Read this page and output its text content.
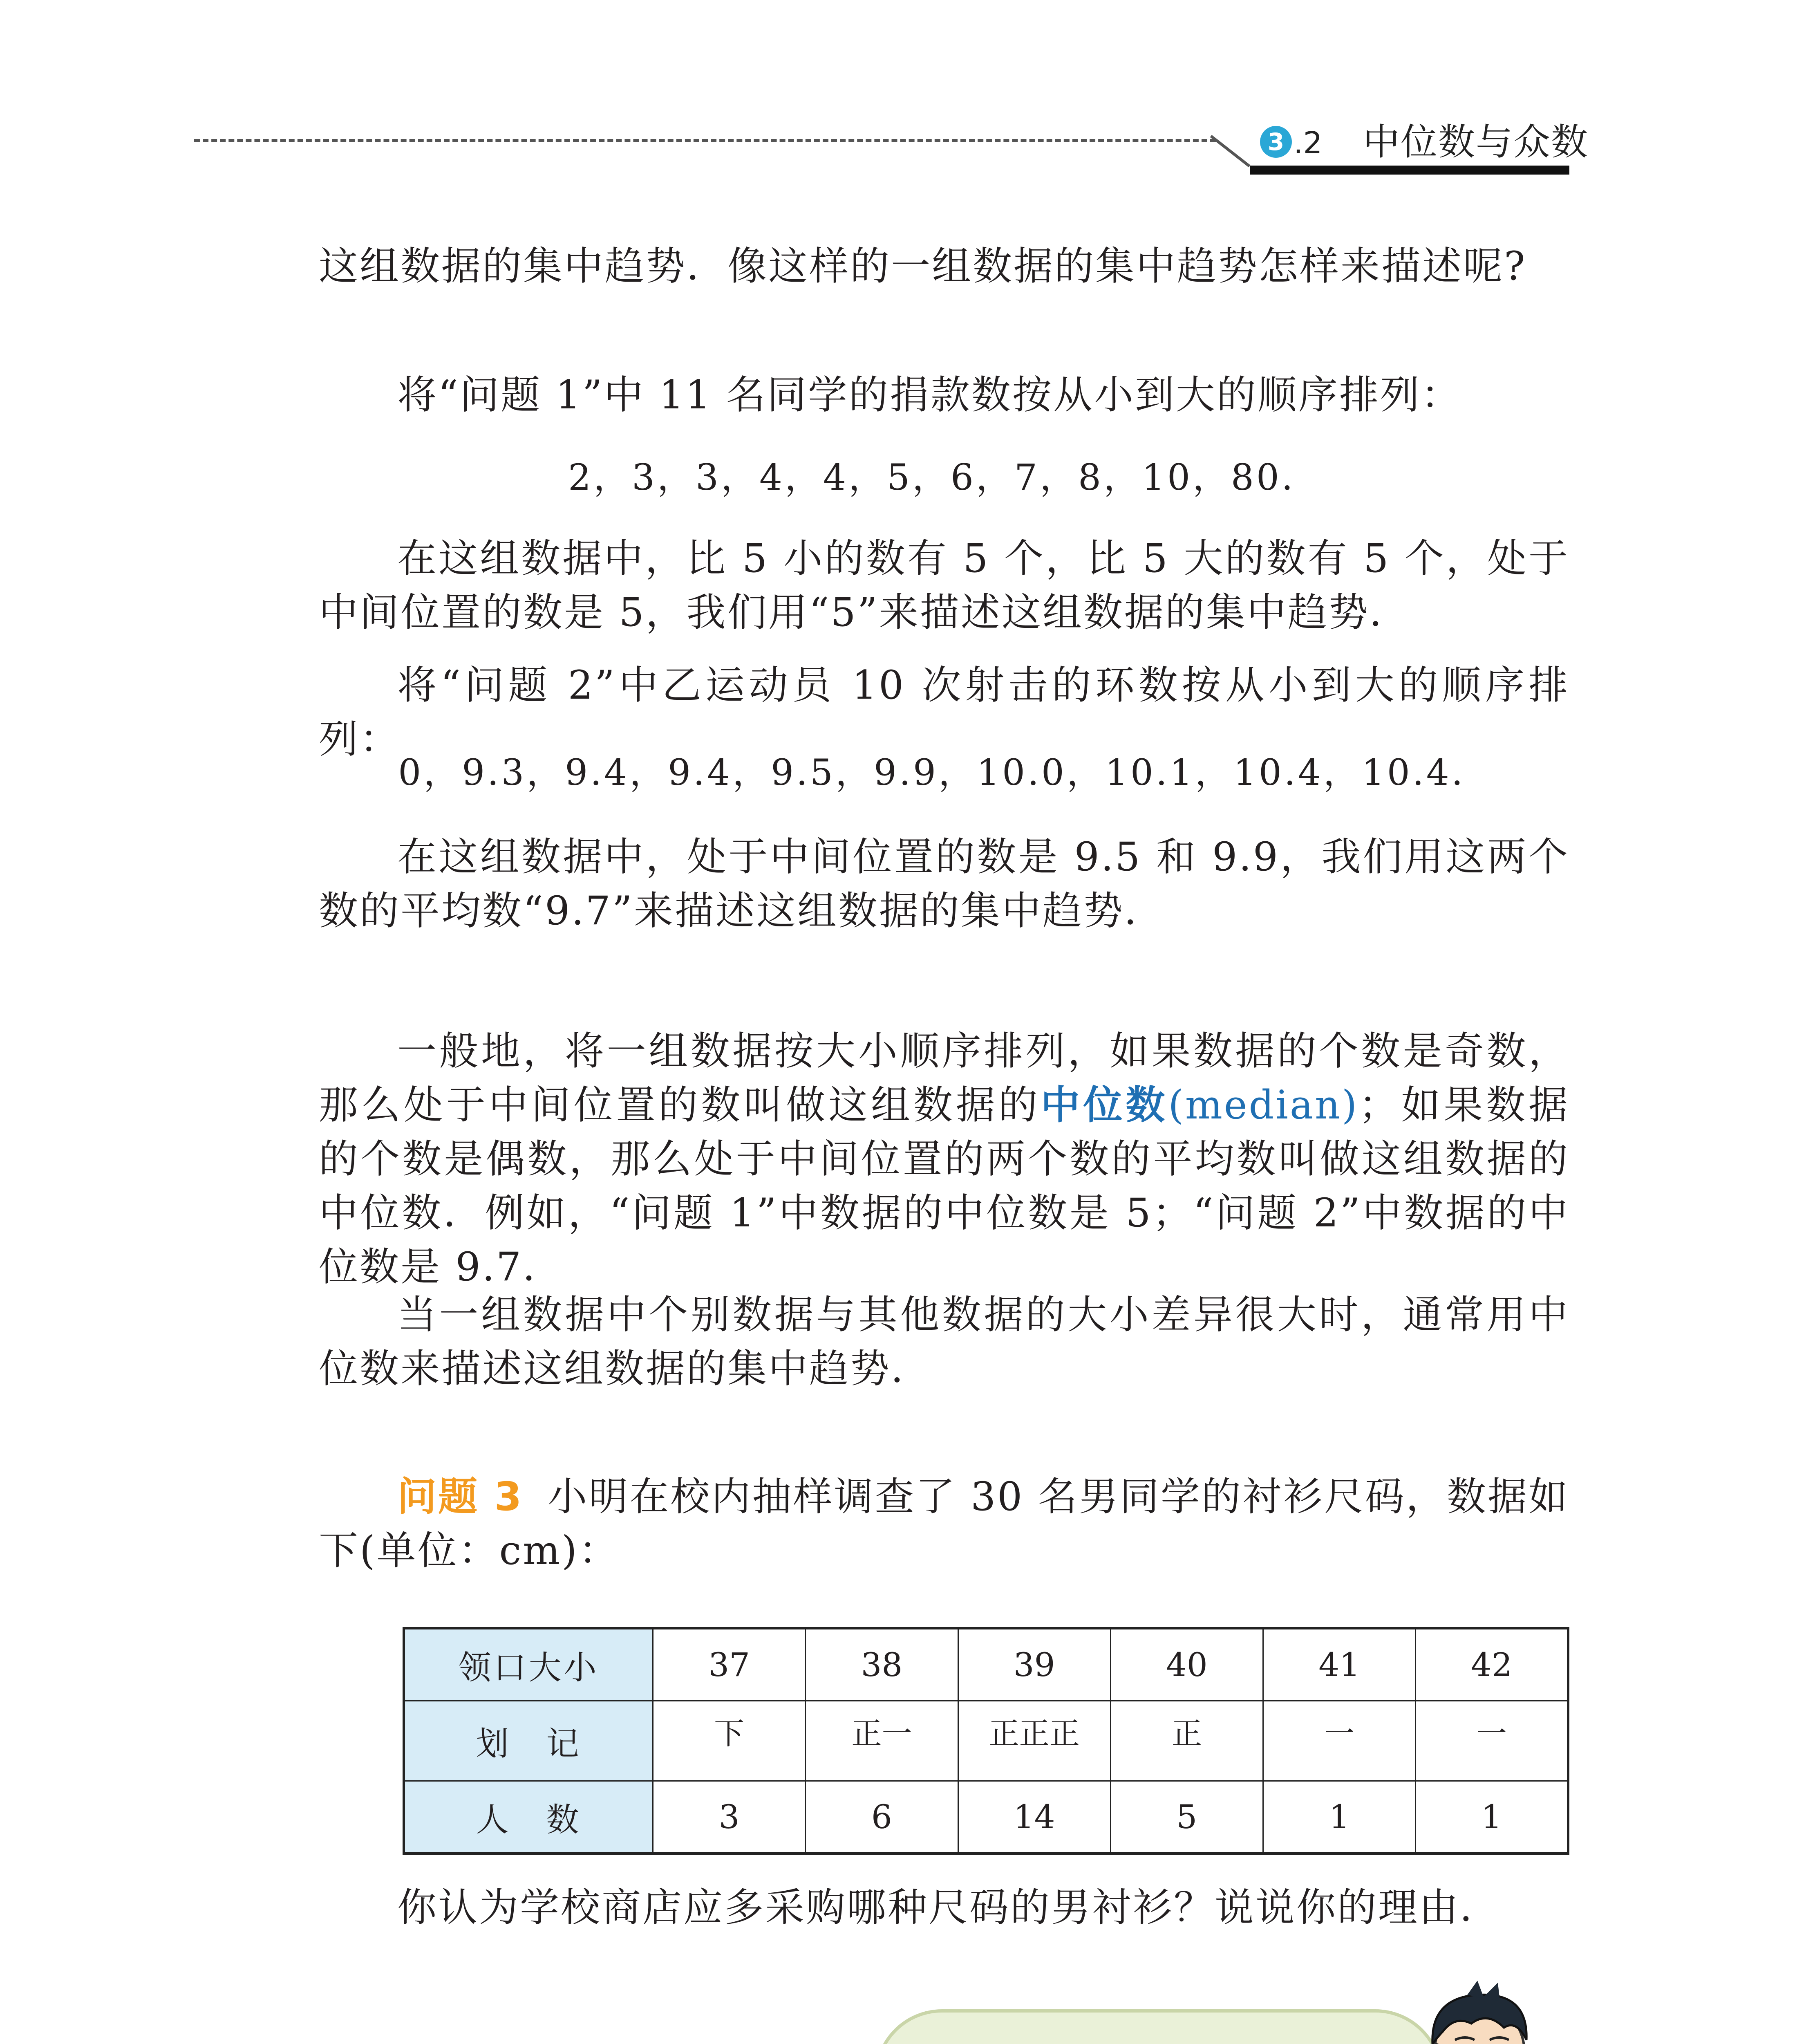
3 .2 中位数与众数
这组数据的集中趋势．像这样的一组数据的集中趋势怎样来描述呢?
将“问题 1”中 11 名同学的捐款数按从小到大的顺序排列：
2，3，3，4，4，5，6，7，8，10，80．
在这组数据中，比 5 小的数有 5 个，比 5 大的数有 5 个，处于中间位置的数是 5，我们用“5”来描述这组数据的集中趋势．
将“问题 2”中乙运动员 10 次射击的环数按从小到大的顺序排列：
0，9.3，9.4，9.4，9.5，9.9，10.0，10.1，10.4，10.4．
在这组数据中，处于中间位置的数是 9.5 和 9.9，我们用这两个数的平均数“9.7”来描述这组数据的集中趋势．
一般地，将一组数据按大小顺序排列，如果数据的个数是奇数，那么处于中间位置的数叫做这组数据的中位数(median)；如果数据的个数是偶数，那么处于中间位置的两个数的平均数叫做这组数据的中位数．例如，“问题 1”中数据的中位数是 5；“问题 2”中数据的中位数是 9.7．
当一组数据中个别数据与其他数据的大小差异很大时，通常用中位数来描述这组数据的集中趋势．
问题 3 小明在校内抽样调查了 30 名男同学的衬衫尺码，数据如下(单位：cm)：
领口大小	37	38	39	40	41	42
划　记	下	正一	正正正	正	一	一
人　数	3	6	14	5	1	1
你认为学校商店应多采购哪种尺码的男衬衫？说说你的理由．
